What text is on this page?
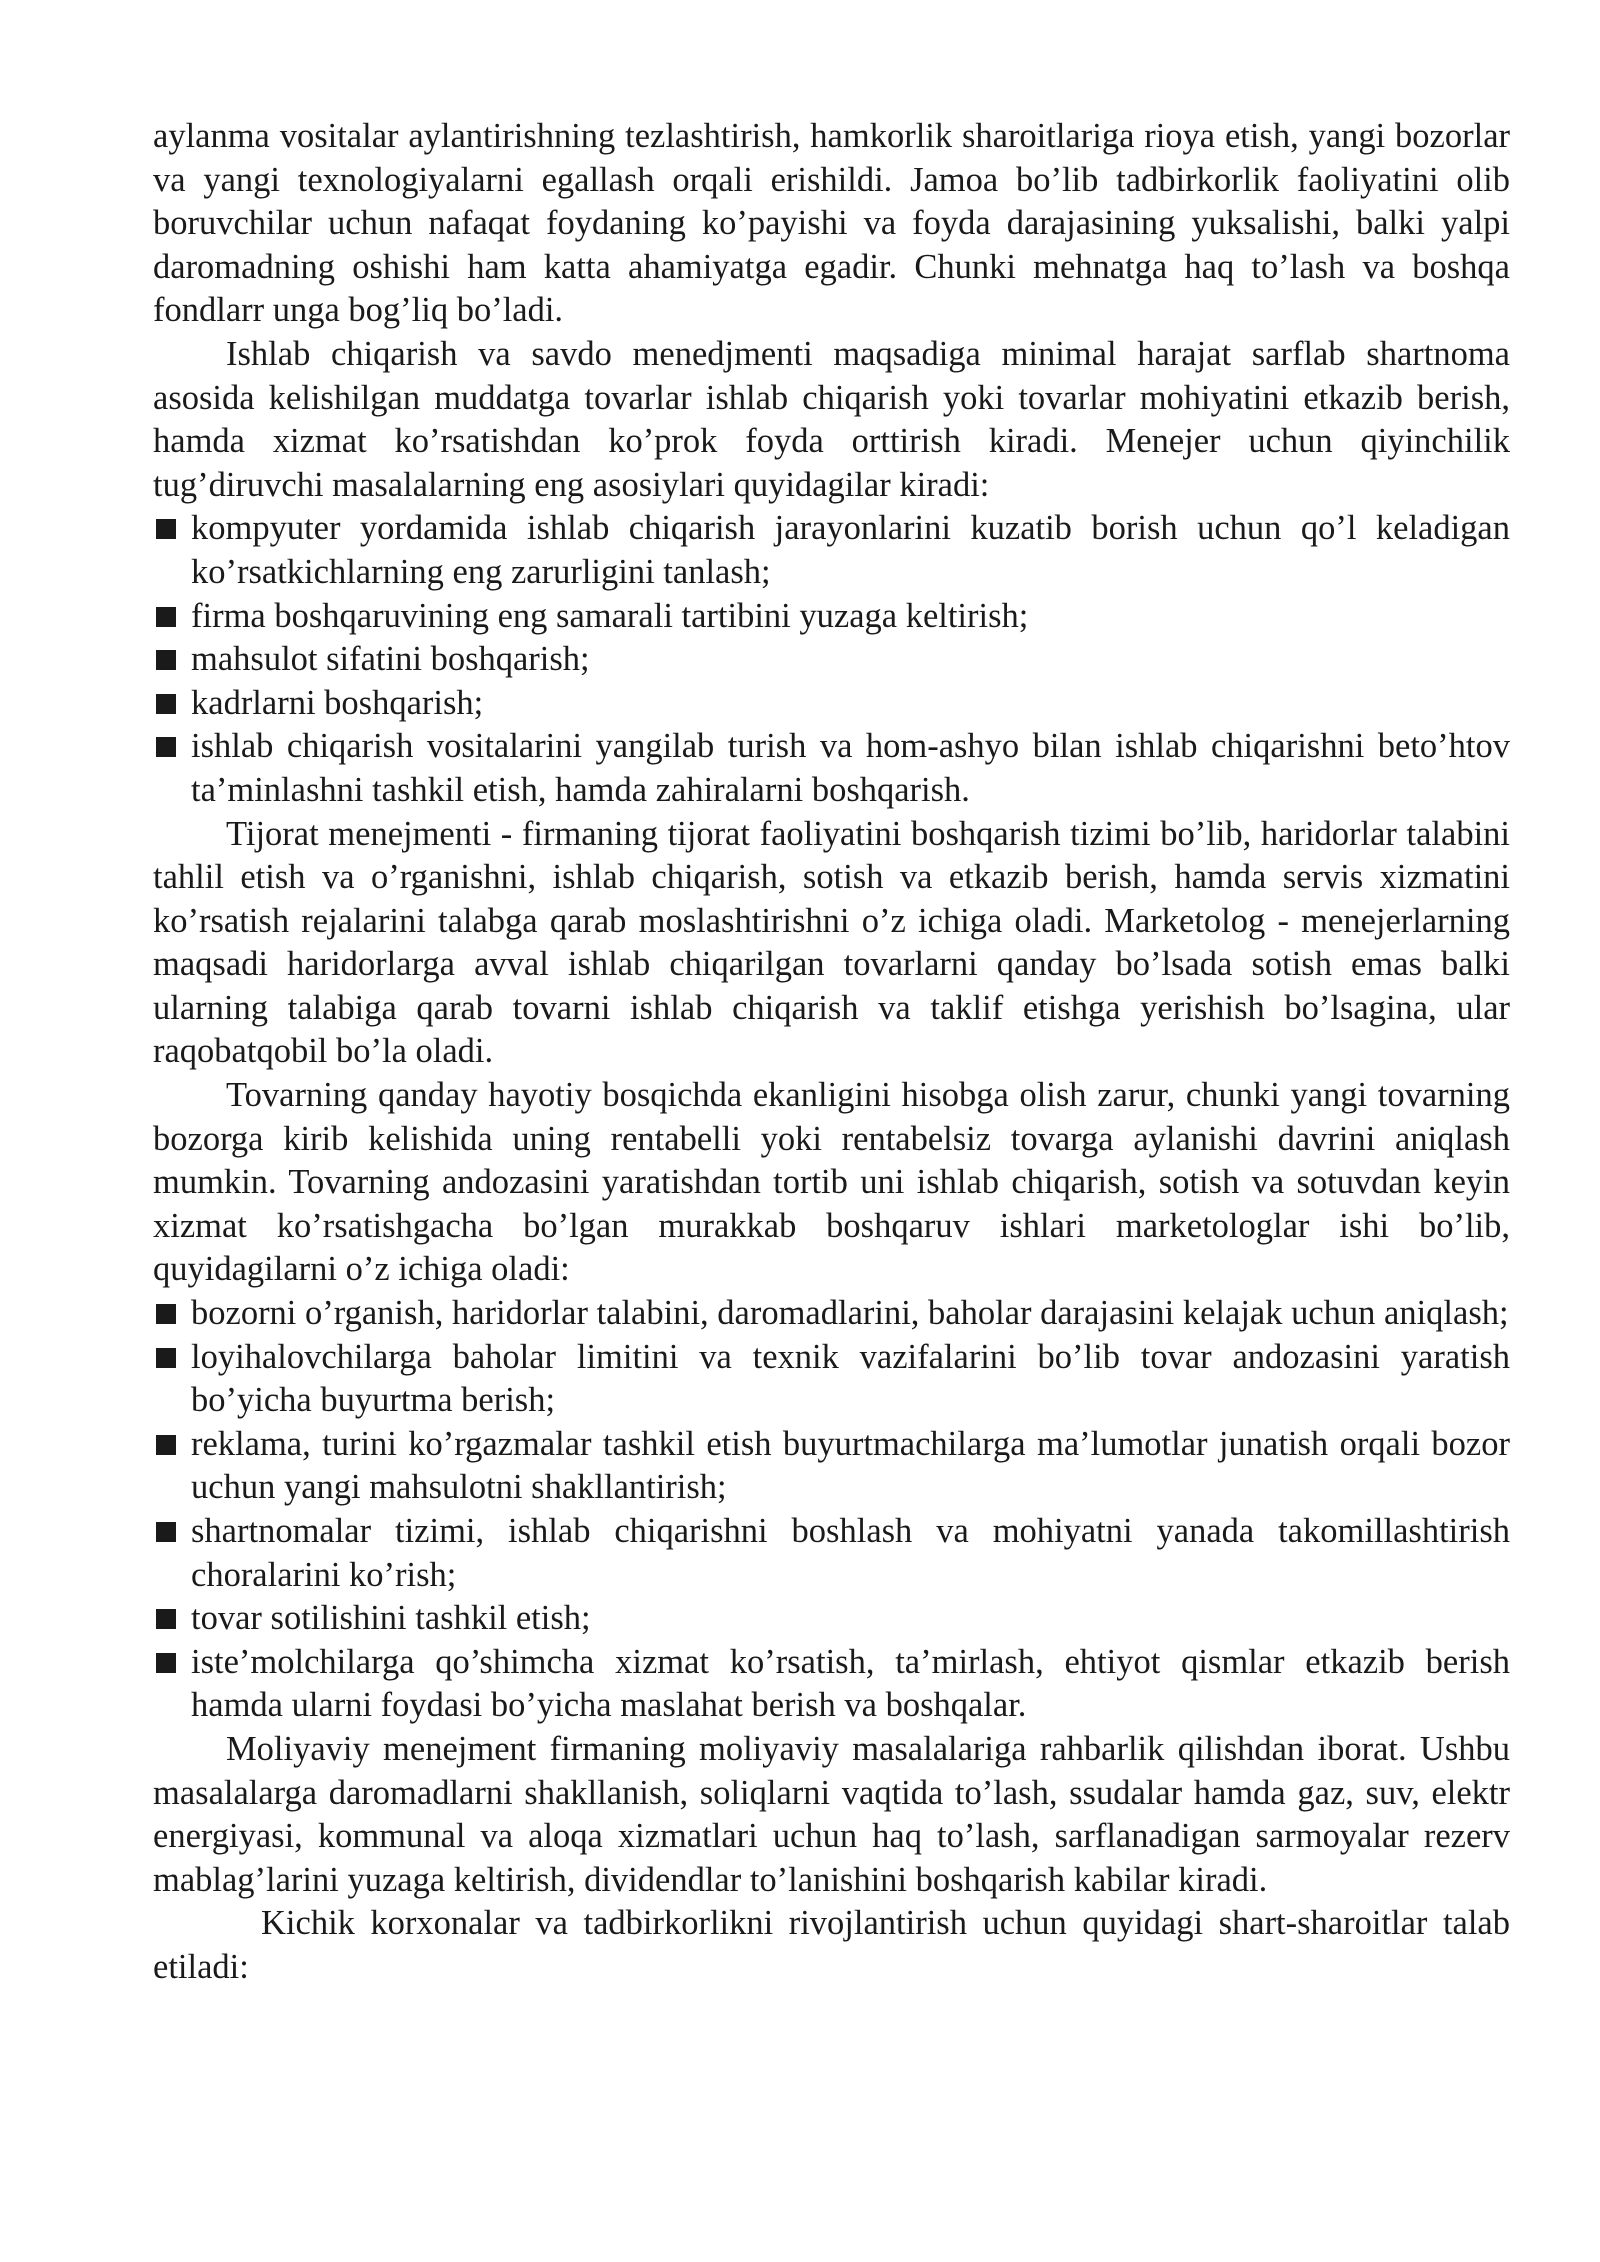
aylanma vositalar aylantirishning tezlashtirish, hamkorlik sharoitlariga rioya etish, yangi bozorlar va yangi texnologiyalarni egallash orqali erishildi. Jamoa bo’lib tadbirkorlik faoliyatini olib boruvchilar uchun nafaqat foydaning ko’payishi va foyda darajasining yuksalishi, balki yalpi daromadning oshishi ham katta ahamiyatga egadir. Chunki mehnatga haq to’lash va boshqa fondlarr unga bog’liq bo’ladi.

Ishlab chiqarish va savdo menedjmenti maqsadiga minimal harajat sarflab shartnoma asosida kelishilgan muddatga tovarlar ishlab chiqarish yoki tovarlar mohiyatini etkazib berish, hamda xizmat ko’rsatishdan ko’prok foyda orttirish kiradi. Menejer uchun qiyinchilik tug’diruvchi masalalarning eng asosiylari quyidagilar kiradi:

kompyuter yordamida ishlab chiqarish jarayonlarini kuzatib borish uchun qo’l keladigan ko’rsatkichlarning eng zarurligini tanlash;
firma boshqaruvining eng samarali tartibini yuzaga keltirish;
mahsulot sifatini boshqarish;
kadrlarni boshqarish;
ishlab chiqarish vositalarini yangilab turish va hom-ashyo bilan ishlab chiqarishni beto’htov ta’minlashni tashkil etish, hamda zahiralarni boshqarish.

Tijorat menejmenti - firmaning tijorat faoliyatini boshqarish tizimi bo’lib, haridorlar talabini tahlil etish va o’rganishni, ishlab chiqarish, sotish va etkazib berish, hamda servis xizmatini ko’rsatish rejalarini talabga qarab moslashtirishni o’z ichiga oladi. Marketolog - menejerlarning maqsadi haridorlarga avval ishlab chiqarilgan tovarlarni qanday bo’lsada sotish emas balki ularning talabiga qarab tovarni ishlab chiqarish va taklif etishga yerishish bo’lsagina, ular raqobatqobil bo’la oladi.

Tovarning qanday hayotiy bosqichda ekanligini hisobga olish zarur, chunki yangi tovarning bozorga kirib kelishida uning rentabelli yoki rentabelsiz tovarga aylanishi davrini aniqlash mumkin. Tovarning andozasini yaratishdan tortib uni ishlab chiqarish, sotish va sotuvdan keyin xizmat ko’rsatishgacha bo’lgan murakkab boshqaruv ishlari marketologlar ishi bo’lib, quyidagilarni o’z ichiga oladi:

bozorni o’rganish, haridorlar talabini, daromadlarini, baholar darajasini kelajak uchun aniqlash;
loyihalovchilarga baholar limitini va texnik vazifalarini bo’lib tovar andozasini yaratish bo’yicha buyurtma berish;
reklama, turini ko’rgazmalar tashkil etish buyurtmachilarga ma’lumotlar junatish orqali bozor uchun yangi mahsulotni shakllantirish;
shartnomalar tizimi, ishlab chiqarishni boshlash va mohiyatni yanada takomillashtirish choralarini ko’rish;
tovar sotilishini tashkil etish;
iste’molchilarga qo’shimcha xizmat ko’rsatish, ta’mirlash, ehtiyot qismlar etkazib berish hamda ularni foydasi bo’yicha maslahat berish va boshqalar.

Moliyaviy menejment firmaning moliyaviy masalalariga rahbarlik qilishdan iborat. Ushbu masalalarga daromadlarni shakllanish, soliqlarni vaqtida to’lash, ssudalar hamda gaz, suv, elektr energiyasi, kommunal va aloqa xizmatlari uchun haq to’lash, sarflanadigan sarmoyalar rezerv mablag’larini yuzaga keltirish, dividendlar to’lanishini boshqarish kabilar kiradi.

Kichik korxonalar va tadbirkorlikni rivojlantirish uchun quyidagi shart-sharoitlar talab etiladi:
